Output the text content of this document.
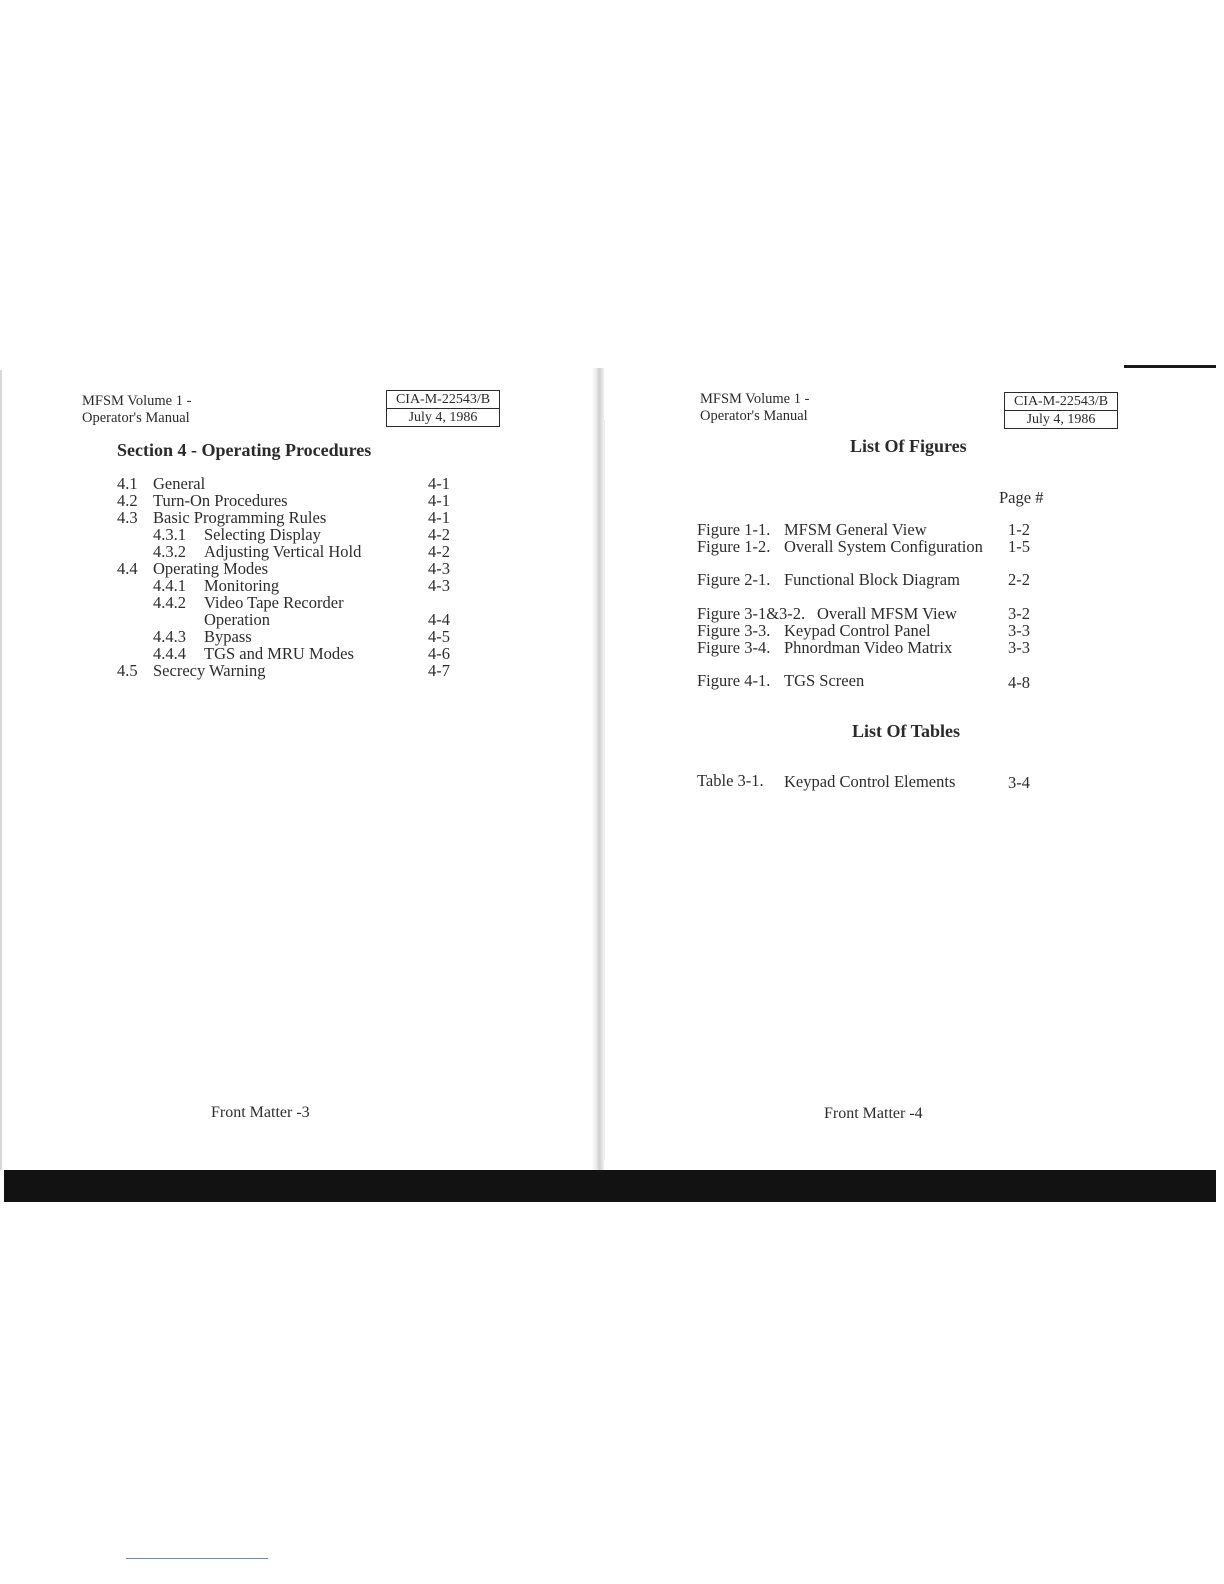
MFSM Volume 1 -
Operator's Manual
CIA-M-22543/B
July 4, 1986
Section 4 - Operating Procedures
4.1 General	4-1
4.2 Turn-On Procedures	4-1
4.3 Basic Programming Rules	4-1
4.3.1 Selecting Display	4-2
4.3.2 Adjusting Vertical Hold	4-2
4.4 Operating Modes	4-3
4.4.1 Monitoring	4-3
4.4.2 Video Tape Recorder
Operation	4-4
4.4.3 Bypass	4-5
4.4.4 TGS and MRU Modes	4-6
4.5 Secrecy Warning	4-7
Front Matter -3
MFSM Volume 1 -
Operator's Manual
CIA-M-22543/B
July 4, 1986
List Of Figures
Page #
Figure 1-1. MFSM General View	1-2
Figure 1-2. Overall System Configuration 1-5
Figure 2-1. Functional Block Diagram	2-2
Figure 3-1&3-2. Overall MFSM View	3-2
Figure 3-3. Keypad Control Panel	3-3
Figure 3-4. Phnordman Video Matrix	3-3
Figure 4-1. TGS Screen	4-8
List Of Tables
Table 3-1. Keypad Control Elements	3-4
Front Matter -4
